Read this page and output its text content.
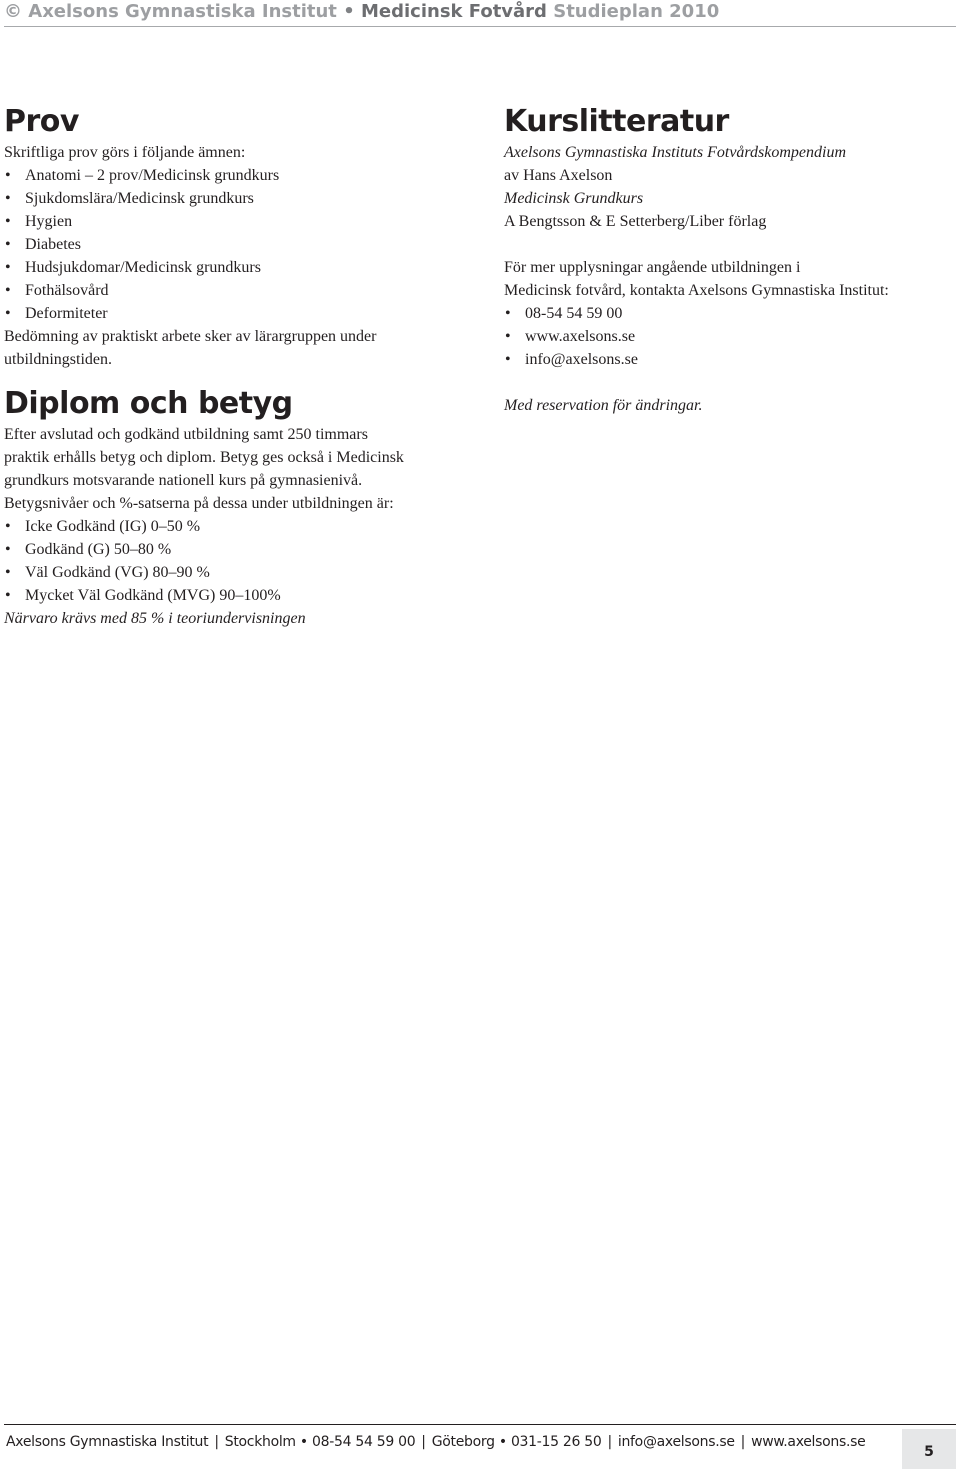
© Axelsons Gymnastiska Institut • Medicinsk Fotvård Studieplan 2010
Prov

Skriftliga prov görs i följande ämnen:

• Anatomi – 2 prov/Medicinsk grundkurs
• Sjukdomslära/Medicinsk grundkurs
• Hygien
• Diabetes
• Hudsjukdomar/Medicinsk grundkurs
• Fothälsovård
• Deformiteter

Bedömning av praktiskt arbete sker av lärargruppen under

utbildningstiden.

Diplom och betyg

Efter avslutad och godkänd utbildning samt 250 timmars

praktik erhålls betyg och diplom. Betyg ges också i Medicinsk

grundkurs motsvarande nationell kurs på gymnasienivå.

Betygsnivåer och %-satserna på dessa under utbildningen är:

• Icke Godkänd (IG) 0–50 %
• Godkänd (G) 50–80 %
• Väl Godkänd (VG) 80–90 %
• Mycket Väl Godkänd (MVG) 90–100%

Närvaro krävs med 85 % i teoriundervisningen

Kurslitteratur

Axelsons Gymnastiska Instituts Fotvårdskompendium

av Hans Axelson

Medicinsk Grundkurs

A Bengtsson & E Setterberg/Liber förlag

För mer upplysningar angående utbildningen i

Medicinsk fotvård, kontakta Axelsons Gymnastiska Institut:

• 08-54 54 59 00
• www.axelsons.se
• info@axelsons.se

Med reservation för ändringar.

Axelsons Gymnastiska Institut | Stockholm • 08-54 54 59 00 | Göteborg • 031-15 26 50 | info@axelsons.se | www.axelsons.se
5
